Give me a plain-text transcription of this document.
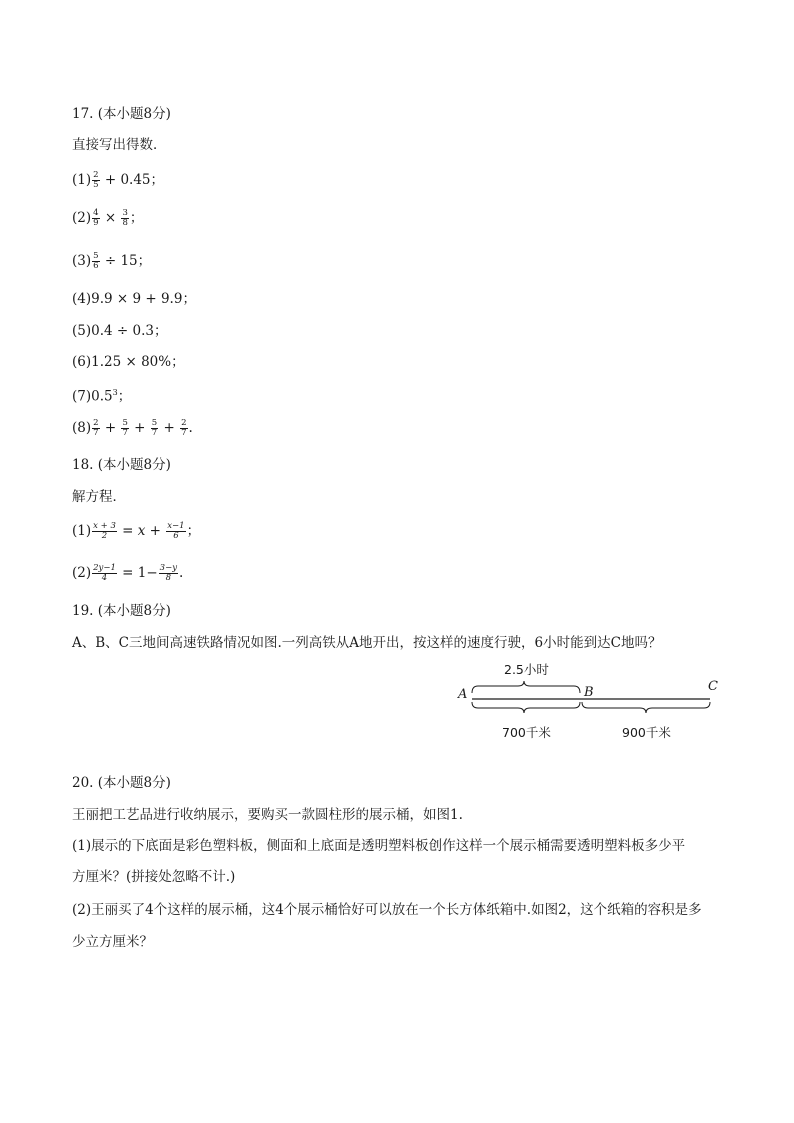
17. (本小题8分)
直接写出得数．
$(1) \frac{2}{5} + 0.45$；
$(2) \frac{4}{9} \times \frac{3}{8}$ ；
$(3) \frac{5}{6} \div 15$；
(4)9.9 × 9 + 9.9；
(5)0.4 ÷ 0.3；
(6)1.25 × 80%；
$(7)0.5^3$；
$(8) \frac{2}{7} + \frac{5}{7} + \frac{5}{7} + \frac{2}{7}$ .
18. (本小题8分)
解方程．
$(1) \frac{x + 3}{2} = x + \frac{x-1}{6}$ ；
$(2) \frac{2y-1}{4} = 1- \frac{3-y}{8}$ .
19. (本小题8分)
A、B、C三地间高速铁路情况如图.一列高铁从A地开出，按这样的速度行驶，6小时能到达C地吗？
2.5小时
A	B	C
700千米	900千米
20. (本小题8分)
王丽把工艺品进行收纳展示，要购买一款圆柱形的展示桶，如图1.
(1)展示的下底面是彩色塑料板，侧面和上底面是透明塑料板创作这样一个展示桶需要透明塑料板多少平
方厘米？(拼接处忽略不计.)
(2)王丽买了4个这样的展示桶，这4个展示桶恰好可以放在一个长方体纸箱中.如图2，这个纸箱的容积是多
少立方厘米？
